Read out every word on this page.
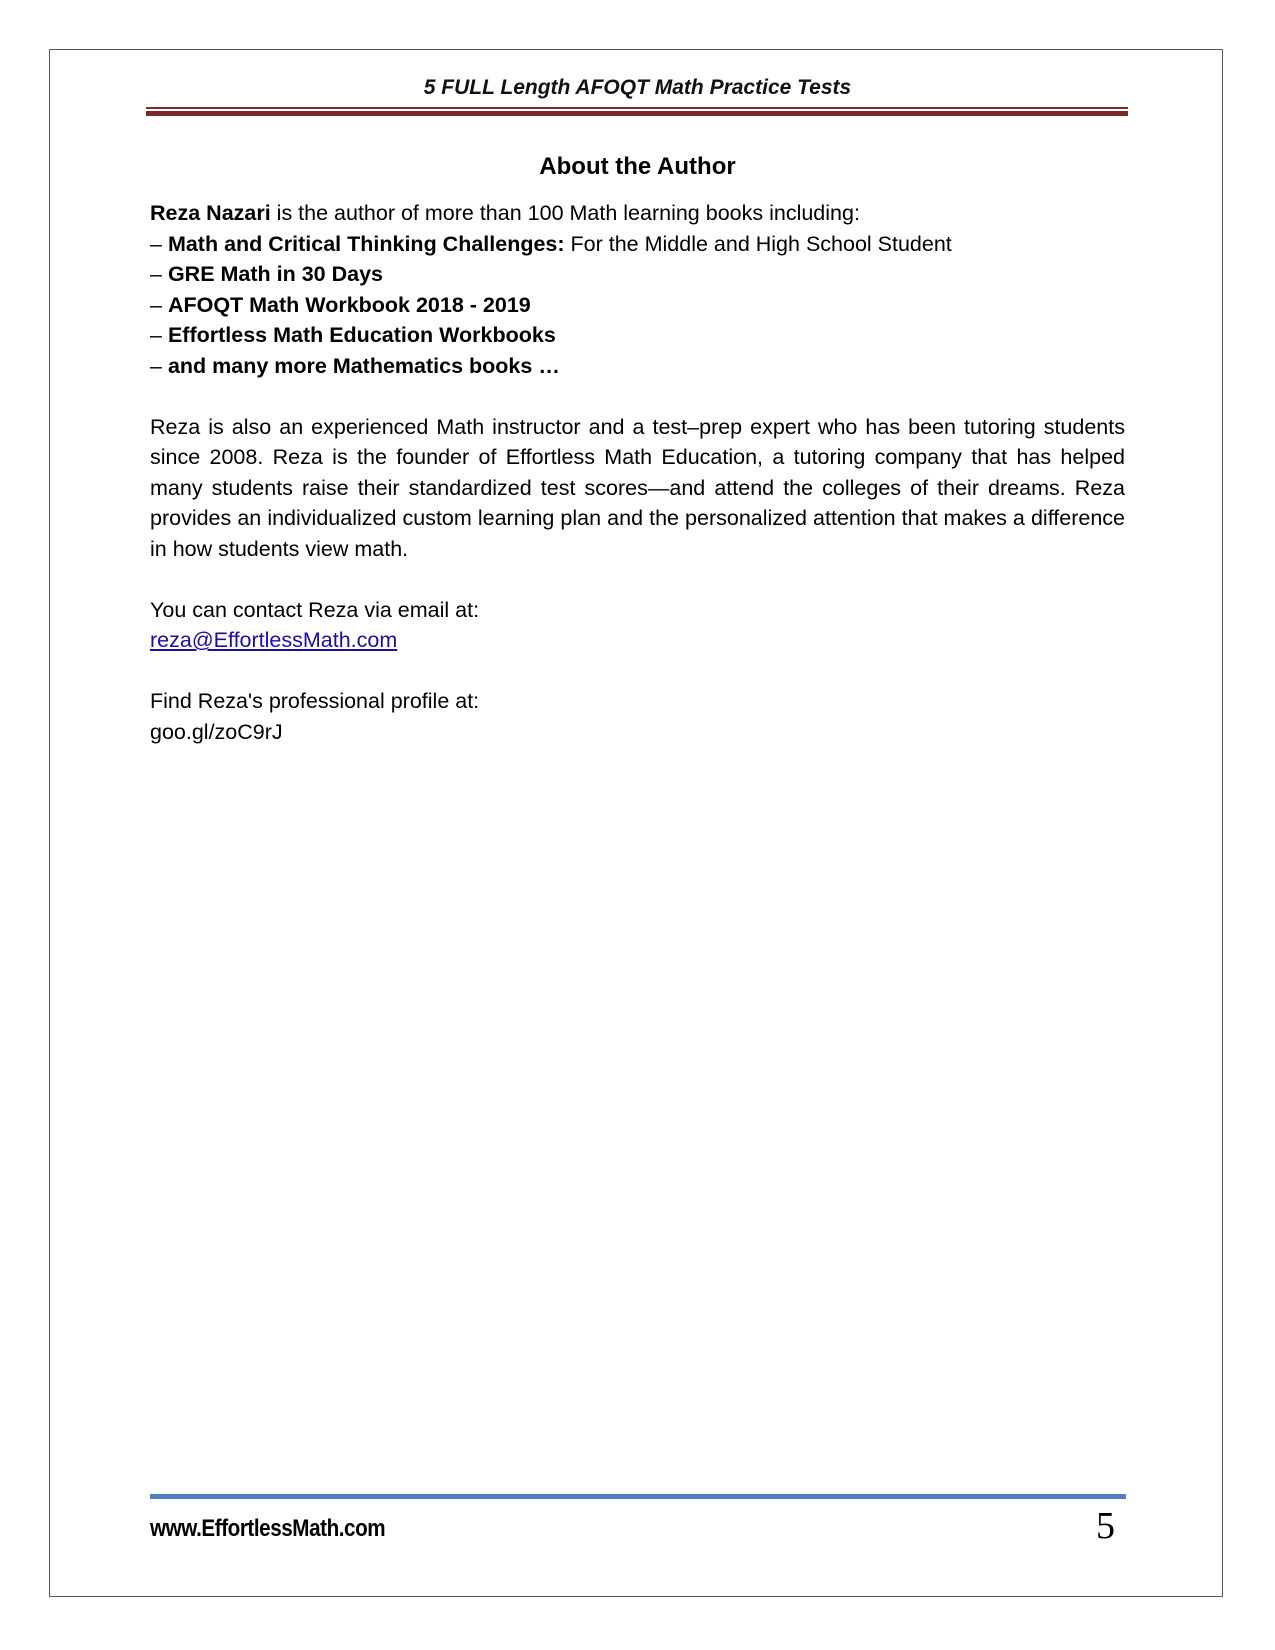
5 FULL Length AFOQT Math Practice Tests
About the Author

Reza Nazari is the author of more than 100 Math learning books including:

– Math and Critical Thinking Challenges: For the Middle and High School Student

– GRE Math in 30 Days

– AFOQT Math Workbook 2018 - 2019

– Effortless Math Education Workbooks

– and many more Mathematics books …

Reza is also an experienced Math instructor and a test–prep expert who has been tutoring students since 2008. Reza is the founder of Effortless Math Education, a tutoring company that has helped many students raise their standardized test scores—and attend the colleges of their dreams. Reza provides an individualized custom learning plan and the personalized attention that makes a difference in how students view math.

You can contact Reza via email at:

reza@EffortlessMath.com

Find Reza's professional profile at:

goo.gl/zoC9rJ

www.EffortlessMath.com	5
